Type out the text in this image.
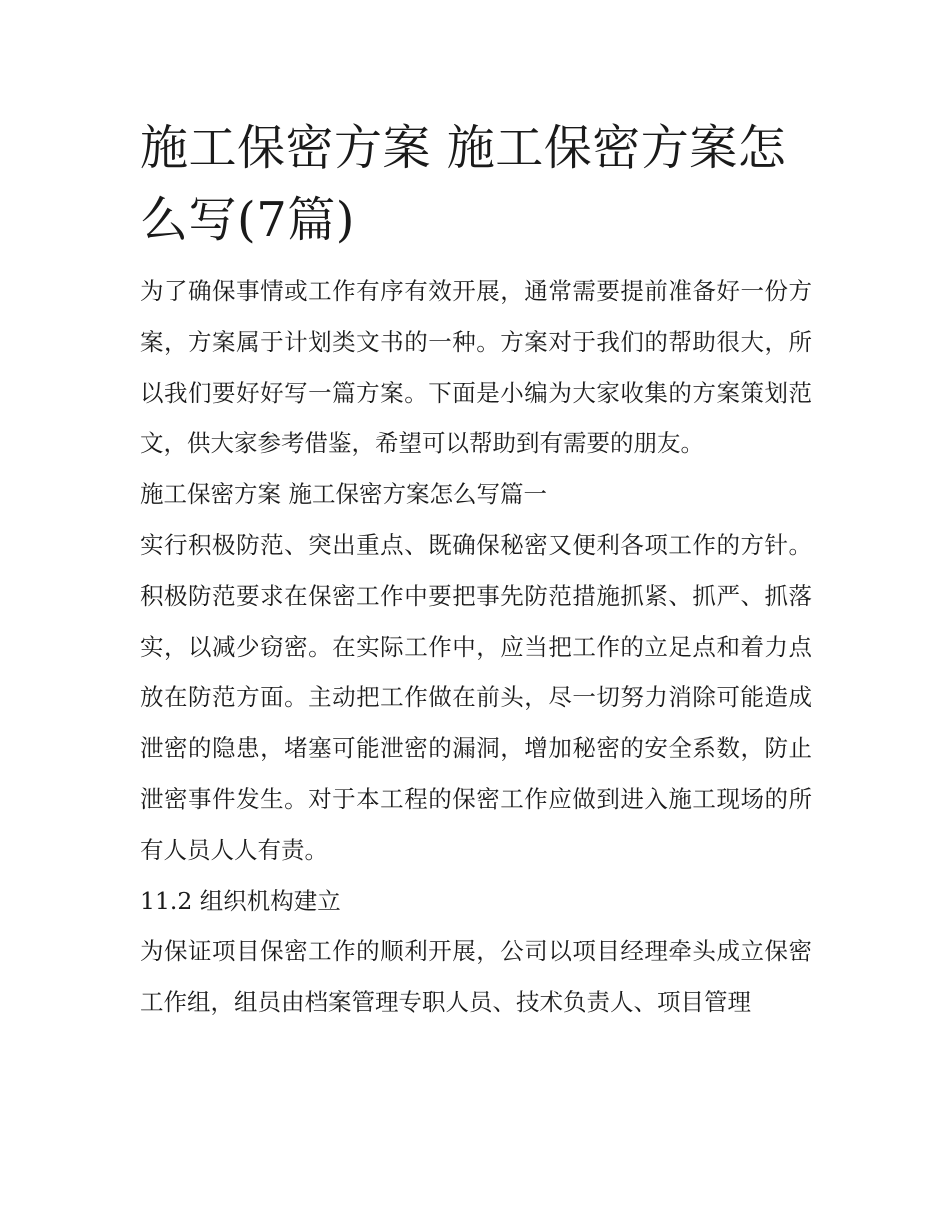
施工保密方案 施工保密方案怎么写(7篇)

为了确保事情或工作有序有效开展，通常需要提前准备好一份方案，方案属于计划类文书的一种。方案对于我们的帮助很大，所以我们要好好写一篇方案。下面是小编为大家收集的方案策划范文，供大家参考借鉴，希望可以帮助到有需要的朋友。

施工保密方案 施工保密方案怎么写篇一

实行积极防范、突出重点、既确保秘密又便利各项工作的方针。积极防范要求在保密工作中要把事先防范措施抓紧、抓严、抓落实，以减少窃密。在实际工作中，应当把工作的立足点和着力点放在防范方面。主动把工作做在前头，尽一切努力消除可能造成泄密的隐患，堵塞可能泄密的漏洞，增加秘密的安全系数，防止泄密事件发生。对于本工程的保密工作应做到进入施工现场的所有人员人人有责。

11.2 组织机构建立

为保证项目保密工作的顺利开展，公司以项目经理牵头成立保密工作组，组员由档案管理专职人员、技术负责人、项目管理
